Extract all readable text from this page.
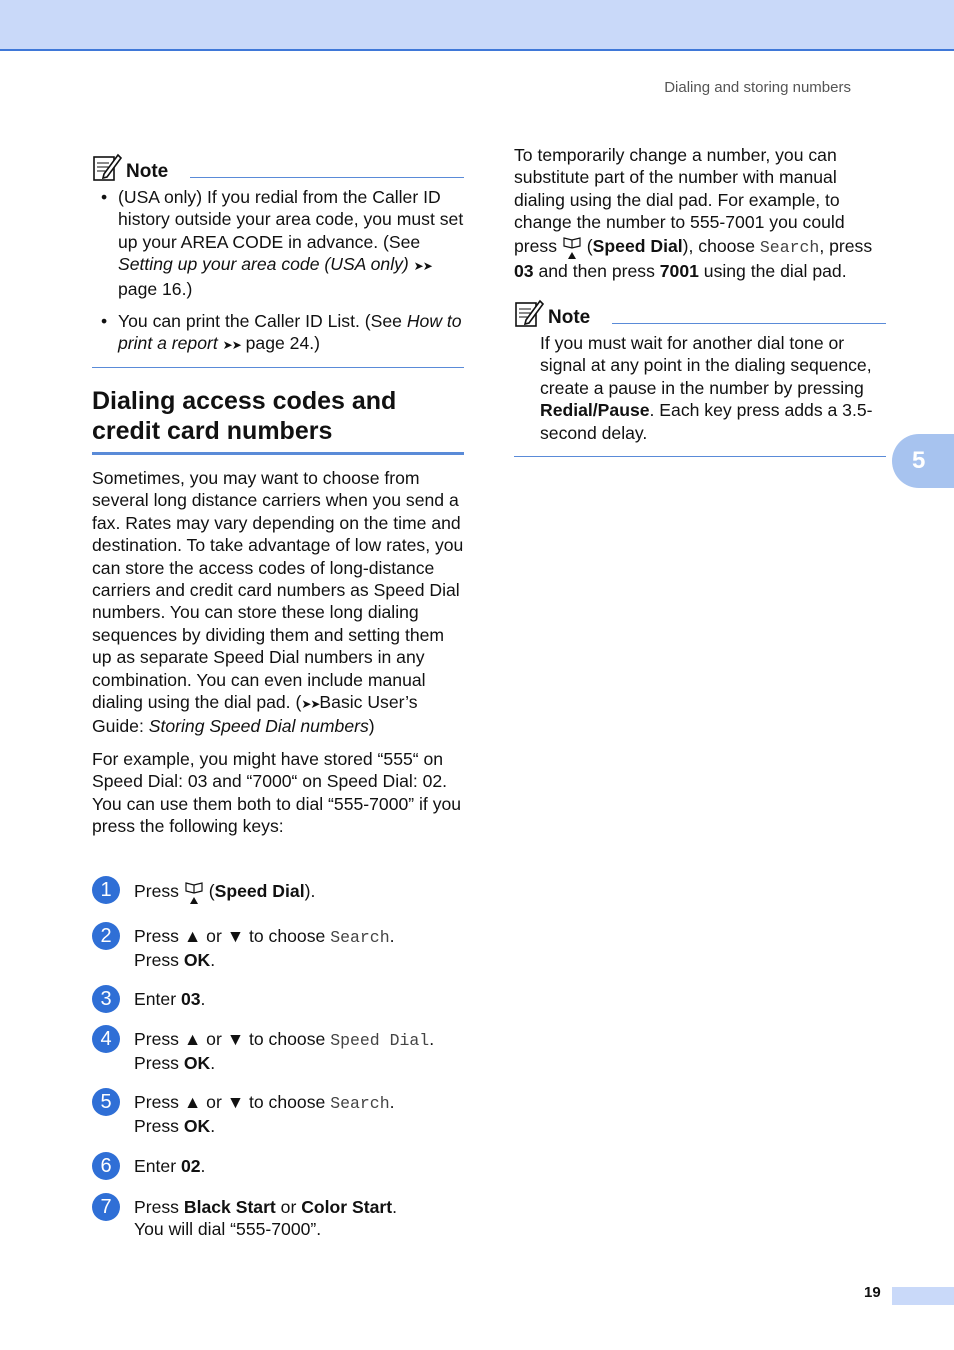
Dialing and storing numbers
Note
• (USA only) If you redial from the Caller ID history outside your area code, you must set up your AREA CODE in advance. (See Setting up your area code (USA only) ➤➤ page 16.)
• You can print the Caller ID List. (See How to print a report ➤➤ page 24.)
Dialing access codes and credit card numbers

Sometimes, you may want to choose from several long distance carriers when you send a fax. Rates may vary depending on the time and destination. To take advantage of low rates, you can store the access codes of long-distance carriers and credit card numbers as Speed Dial numbers. You can store these long dialing sequences by dividing them and setting them up as separate Speed Dial numbers in any combination. You can even include manual dialing using the dial pad. (➤➤Basic User’s Guide: Storing Speed Dial numbers)

For example, you might have stored “555“ on Speed Dial: 03 and “7000“ on Speed Dial: 02. You can use them both to dial “555-7000” if you press the following keys:

1	Press  (Speed Dial).
2	Press ▲ or ▼ to choose Search.
Press OK.
3	Enter 03.
4	Press ▲ or ▼ to choose Speed Dial.
Press OK.
5	Press ▲ or ▼ to choose Search.
Press OK.
6	Enter 02.
7	Press Black Start or Color Start.
You will dial “555-7000”.

To temporarily change a number, you can substitute part of the number with manual dialing using the dial pad. For example, to change the number to 555-7001 you could press  (Speed Dial), choose Search, press 03 and then press 7001 using the dial pad.

Note

If you must wait for another dial tone or signal at any point in the dialing sequence, create a pause in the number by pressing Redial/Pause. Each key press adds a 3.5-second delay.

5
19
